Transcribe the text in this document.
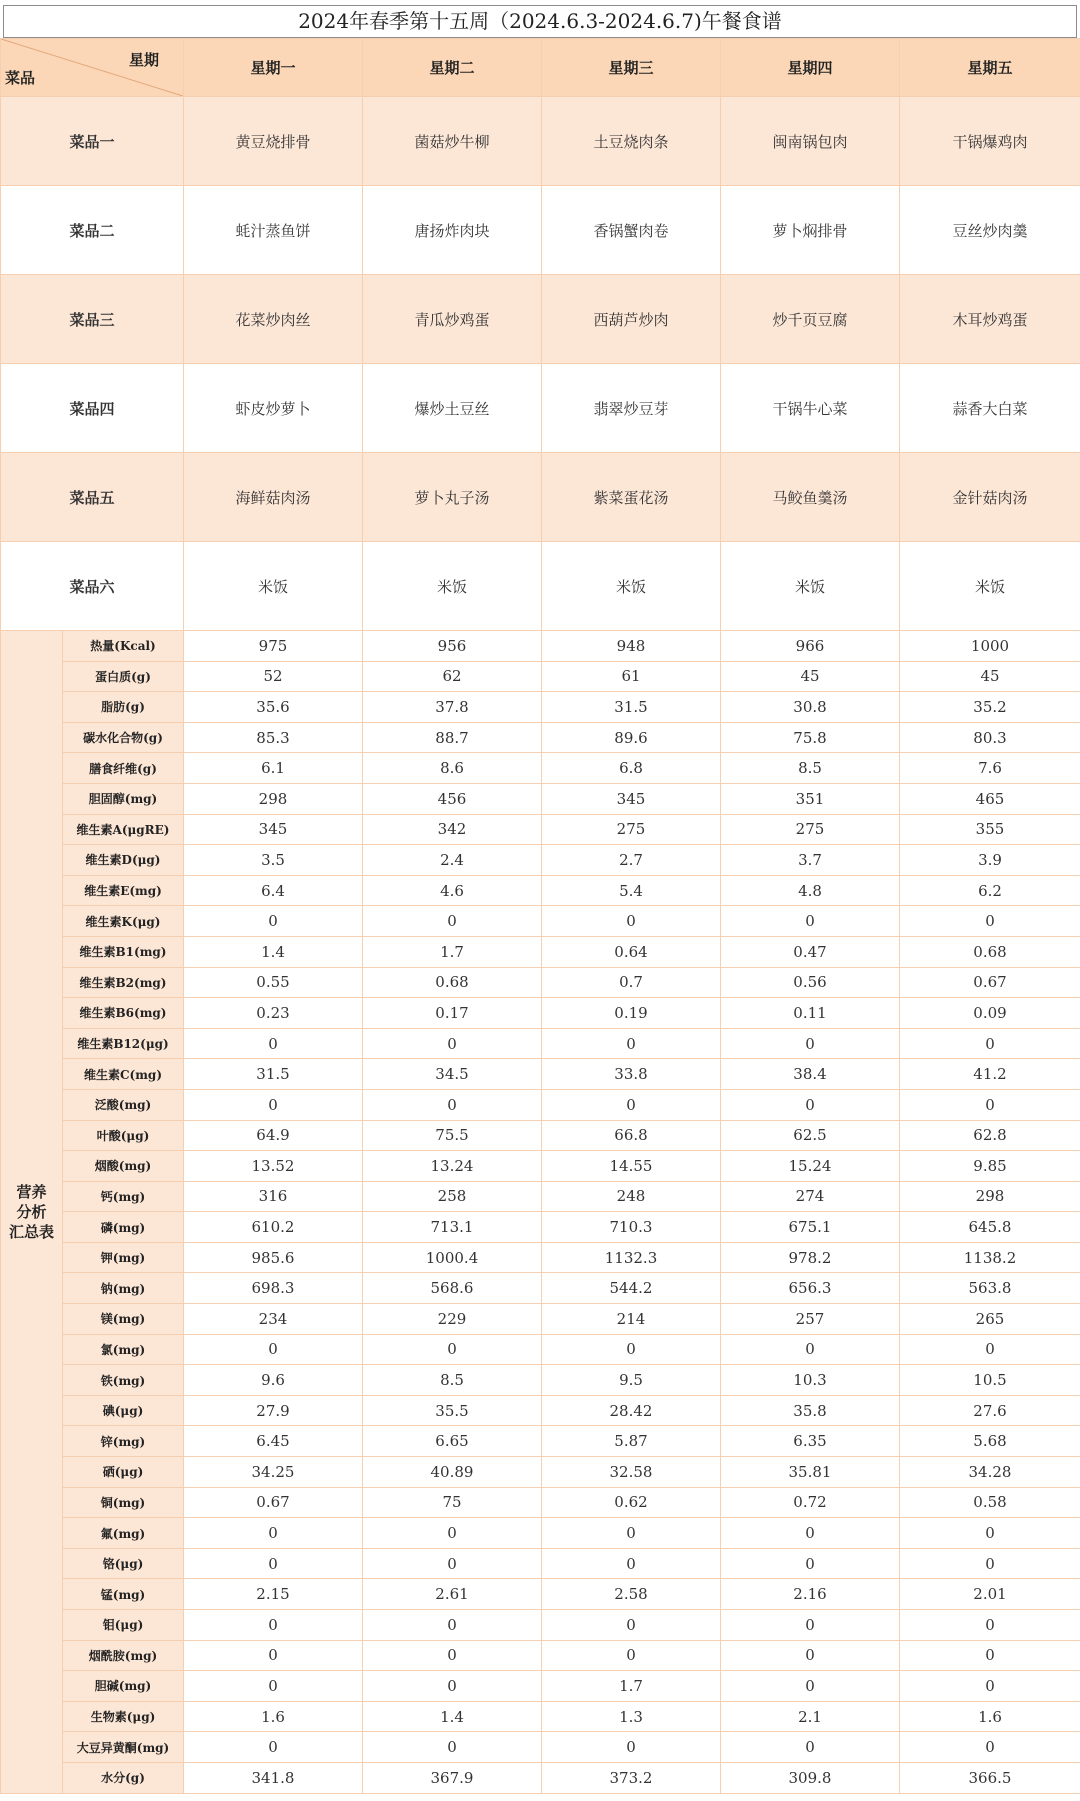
2024年春季第十五周（2024.6.3-2024.6.7)午餐食谱
星期
菜品		星期一	星期二	星期三	星期四	星期五
菜品一		黄豆烧排骨	菌菇炒牛柳	土豆烧肉条	闽南锅包肉	干锅爆鸡肉
菜品二		蚝汁蒸鱼饼	唐扬炸肉块	香锅蟹肉卷	萝卜焖排骨	豆丝炒肉羹
菜品三		花菜炒肉丝	青瓜炒鸡蛋	西葫芦炒肉	炒千页豆腐	木耳炒鸡蛋
菜品四		虾皮炒萝卜	爆炒土豆丝	翡翠炒豆芽	干锅牛心菜	蒜香大白菜
菜品五		海鲜菇肉汤	萝卜丸子汤	紫菜蛋花汤	马鲛鱼羹汤	金针菇肉汤
菜品六		米饭	米饭	米饭	米饭	米饭

营养
分析
汇总表	热量(Kcal)	975	956	948	966	1000
	蛋白质(g)	52	62	61	45	45
	脂肪(g)	35.6	37.8	31.5	30.8	35.2
	碳水化合物(g)	85.3	88.7	89.6	75.8	80.3
	膳食纤维(g)	6.1	8.6	6.8	8.5	7.6
	胆固醇(mg)	298	456	345	351	465
	维生素A(μgRE)	345	342	275	275	355
	维生素D(μg)	3.5	2.4	2.7	3.7	3.9
	维生素E(mg)	6.4	4.6	5.4	4.8	6.2
	维生素K(μg)	0	0	0	0	0
	维生素B1(mg)	1.4	1.7	0.64	0.47	0.68
	维生素B2(mg)	0.55	0.68	0.7	0.56	0.67
	维生素B6(mg)	0.23	0.17	0.19	0.11	0.09
	维生素B12(μg)	0	0	0	0	0
	维生素C(mg)	31.5	34.5	33.8	38.4	41.2
	泛酸(mg)	0	0	0	0	0
	叶酸(μg)	64.9	75.5	66.8	62.5	62.8
	烟酸(mg)	13.52	13.24	14.55	15.24	9.85
	钙(mg)	316	258	248	274	298
	磷(mg)	610.2	713.1	710.3	675.1	645.8
	钾(mg)	985.6	1000.4	1132.3	978.2	1138.2
	钠(mg)	698.3	568.6	544.2	656.3	563.8
	镁(mg)	234	229	214	257	265
	氯(mg)	0	0	0	0	0
	铁(mg)	9.6	8.5	9.5	10.3	10.5
	碘(μg)	27.9	35.5	28.42	35.8	27.6
	锌(mg)	6.45	6.65	5.87	6.35	5.68
	硒(μg)	34.25	40.89	32.58	35.81	34.28
	铜(mg)	0.67	75	0.62	0.72	0.58
	氟(mg)	0	0	0	0	0
	铬(μg)	0	0	0	0	0
	锰(mg)	2.15	2.61	2.58	2.16	2.01
	钼(μg)	0	0	0	0	0
	烟酰胺(mg)	0	0	0	0	0
	胆碱(mg)	0	0	1.7	0	0
	生物素(μg)	1.6	1.4	1.3	2.1	1.6
	大豆异黄酮(mg)	0	0	0	0	0
	水分(g)	341.8	367.9	373.2	309.8	366.5
